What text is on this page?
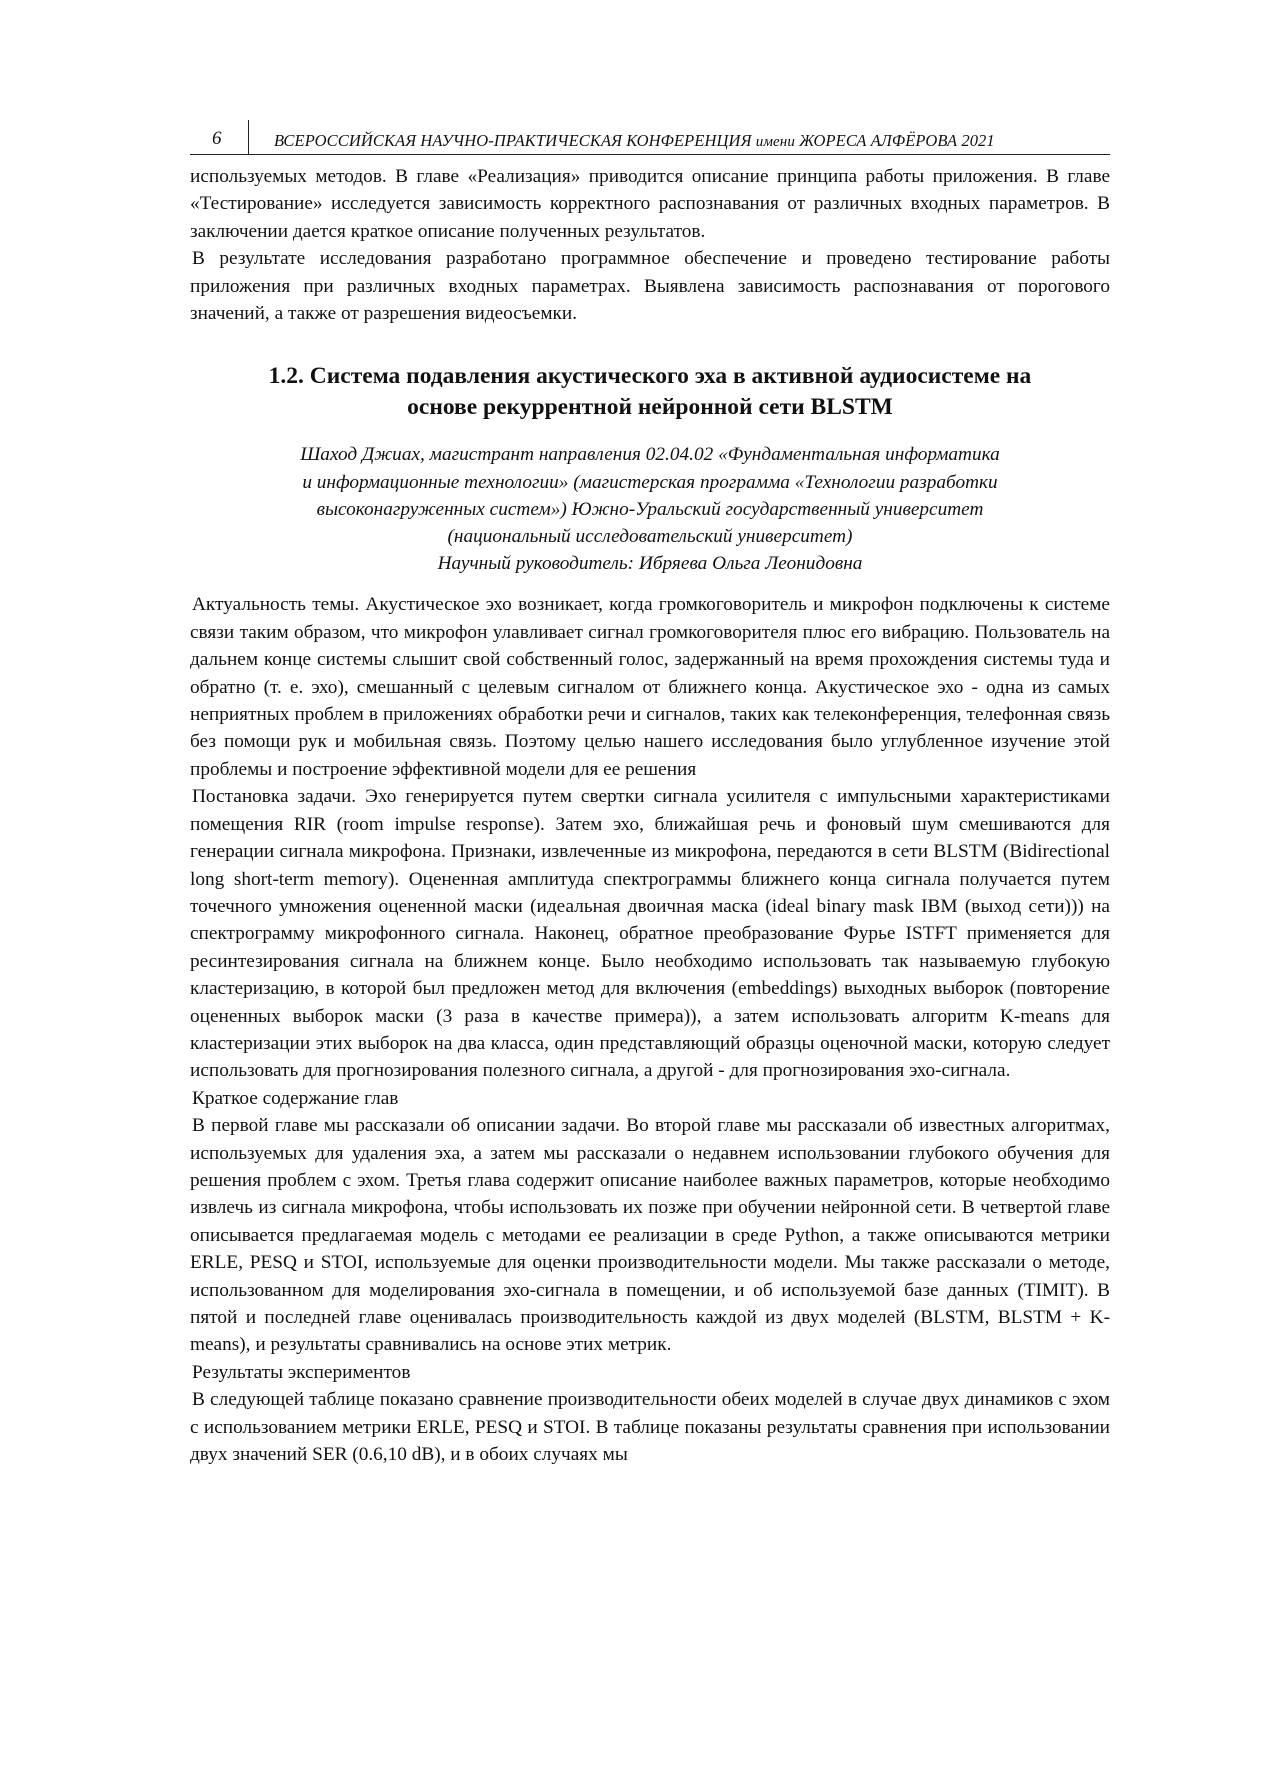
6	ВСЕРОССИЙСКАЯ НАУЧНО-ПРАКТИЧЕСКАЯ КОНФЕРЕНЦИЯ имени ЖОРЕСА АЛФЁРОВА 2021

используемых методов. В главе «Реализация» приводится описание принципа работы приложения. В главе «Тестирование» исследуется зависимость корректного распознавания от различных входных параметров. В заключении дается краткое описание полученных результатов.

В результате исследования разработано программное обеспечение и проведено тестирование работы приложения при различных входных параметрах. Выявлена зависимость распознавания от порогового значений, а также от разрешения видеосъемки.

1.2. Система подавления акустического эха в активной аудиосистеме на
основе рекуррентной нейронной сети BLSTM

Шаход Джиах, магистрант направления 02.04.02 «Фундаментальная информатика

и информационные технологии» (магистерская программа «Технологии разработки

высоконагруженных систем») Южно-Уральский государственный университет

(национальный исследовательский университет)

Научный руководитель: Ибряева Ольга Леонидовна

Актуальность темы. Акустическое эхо возникает, когда громкоговоритель и микрофон подключены к системе связи таким образом, что микрофон улавливает сигнал громкоговорителя плюс его вибрацию. Пользователь на дальнем конце системы слышит свой собственный голос, задержанный на время прохождения системы туда и обратно (т. е. эхо), смешанный с целевым сигналом от ближнего конца. Акустическое эхо - одна из самых неприятных проблем в приложениях обработки речи и сигналов, таких как телеконференция, телефонная связь без помощи рук и мобильная связь. Поэтому целью нашего исследования было углубленное изучение этой проблемы и построение эффективной модели для ее решения

Постановка задачи. Эхо генерируется путем свертки сигнала усилителя с импульсными характеристиками помещения RIR (room impulse response). Затем эхо, ближайшая речь и фоновый шум смешиваются для генерации сигнала микрофона. Признаки, извлеченные из микрофона, передаются в сети BLSTM (Bidirectional long short-term memory). Оцененная амплитуда спектрограммы ближнего конца сигнала получается путем точечного умножения оцененной маски (идеальная двоичная маска (ideal binary mask IBM (выход сети))) на спектрограмму микрофонного сигнала. Наконец, обратное преобразование Фурье ISTFT применяется для ресинтезирования сигнала на ближнем конце. Было необходимо использовать так называемую глубокую кластеризацию, в которой был предложен метод для включения (embeddings) выходных выборок (повторение оцененных выборок маски (3 раза в качестве примера)), а затем использовать алгоритм K-means для кластеризации этих выборок на два класса, один представляющий образцы оценочной маски, которую следует использовать для прогнозирования полезного сигнала, а другой - для прогнозирования эхо-сигнала.

Краткое содержание глав

В первой главе мы рассказали об описании задачи. Во второй главе мы рассказали об известных алгоритмах, используемых для удаления эха, а затем мы рассказали о недавнем использовании глубокого обучения для решения проблем с эхом. Третья глава содержит описание наиболее важных параметров, которые необходимо извлечь из сигнала микрофона, чтобы использовать их позже при обучении нейронной сети. В четвертой главе описывается предлагаемая модель с методами ее реализации в среде Python, а также описываются метрики ERLE, PESQ и STOI, используемые для оценки производительности модели. Мы также рассказали о методе, использованном для моделирования эхо-сигнала в помещении, и об используемой базе данных (TIMIT). В пятой и последней главе оценивалась производительность каждой из двух моделей (BLSTM, BLSTM + K-means), и результаты сравнивались на основе этих метрик.

Результаты экспериментов

В следующей таблице показано сравнение производительности обеих моделей в случае двух динамиков с эхом с использованием метрики ERLE, PESQ и STOI. В таблице показаны результаты сравнения при использовании двух значений SER (0.6,10 dB), и в обоих случаях мы
